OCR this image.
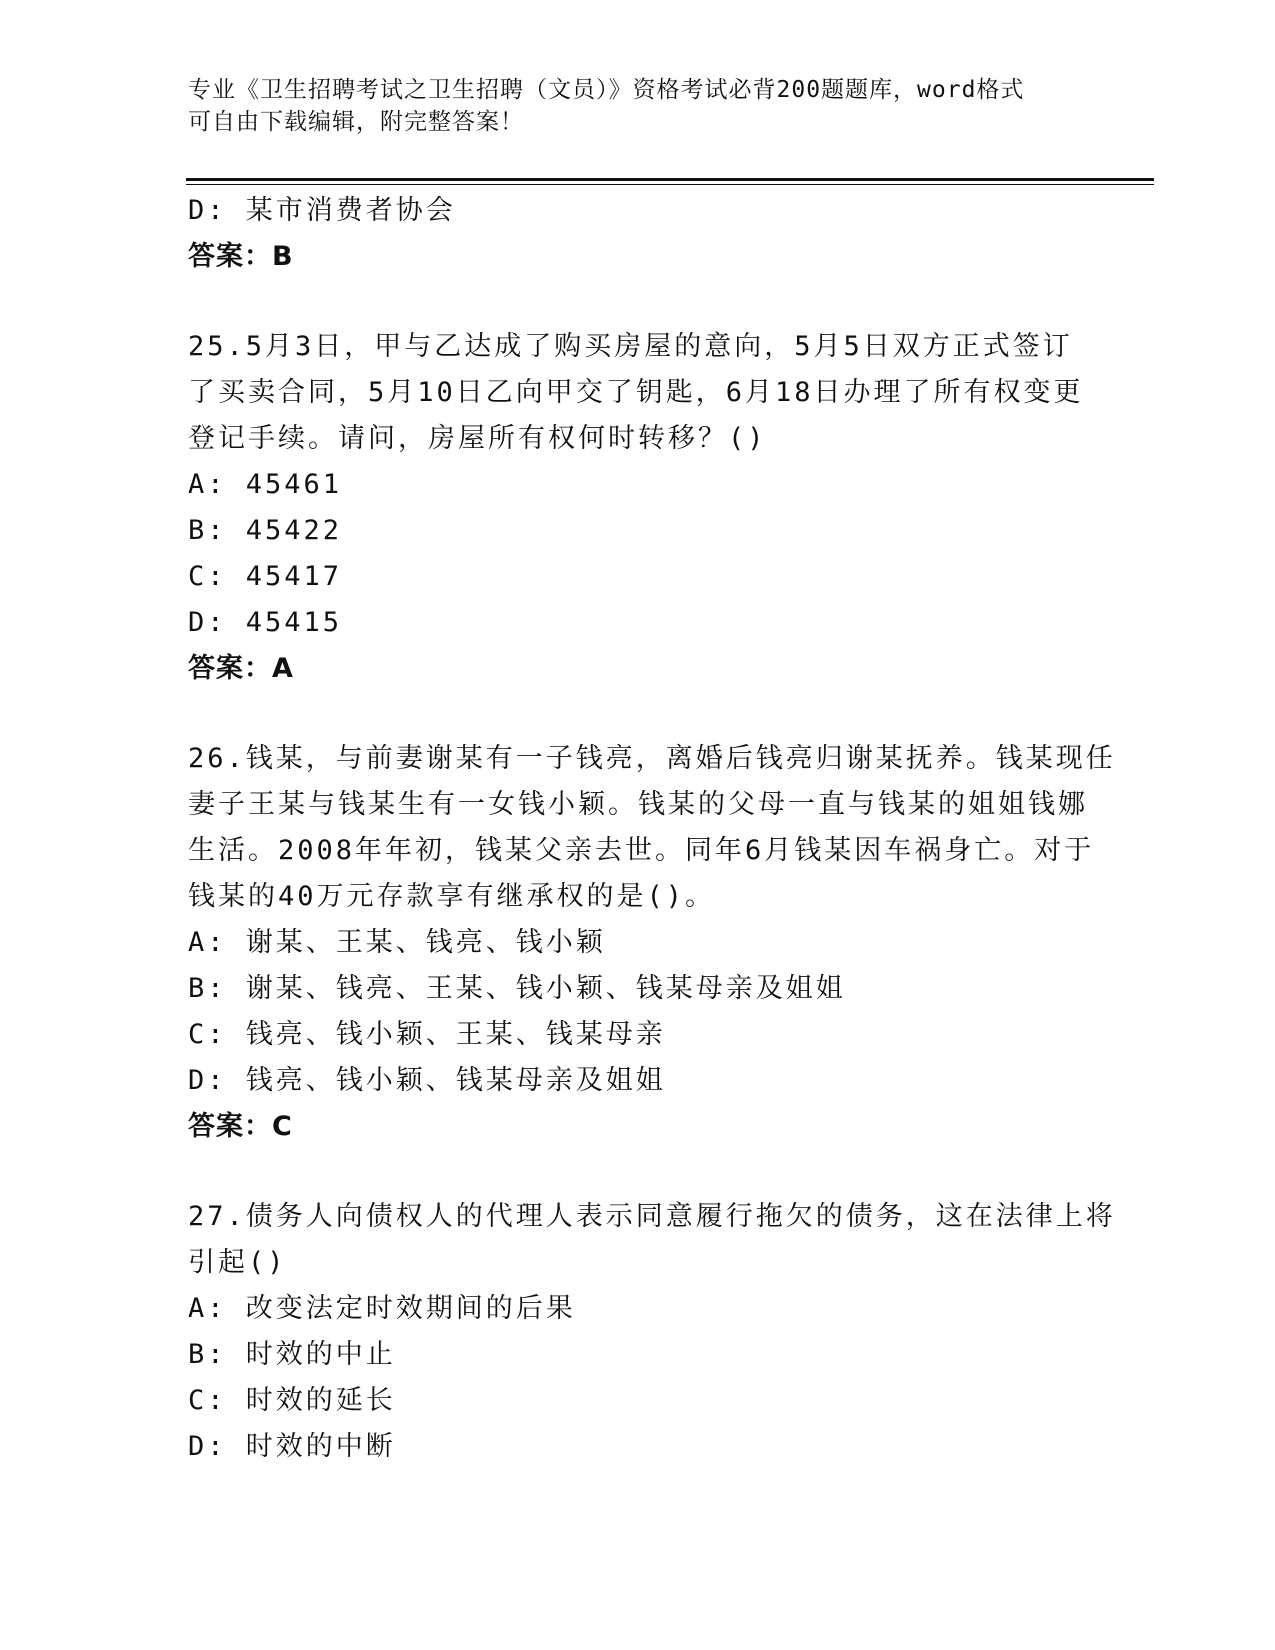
专业《卫生招聘考试之卫生招聘（文员）》资格考试必背200题题库，word格式
可自由下载编辑，附完整答案！
D: 某市消费者协会
答案：B
25.5月3日，甲与乙达成了购买房屋的意向，5月5日双方正式签订
了买卖合同，5月10日乙向甲交了钥匙，6月18日办理了所有权变更
登记手续。请问，房屋所有权何时转移？()
A: 45461
B: 45422
C: 45417
D: 45415
答案：A
26.钱某，与前妻谢某有一子钱亮，离婚后钱亮归谢某抚养。钱某现任
妻子王某与钱某生有一女钱小颖。钱某的父母一直与钱某的姐姐钱娜
生活。2008年年初，钱某父亲去世。同年6月钱某因车祸身亡。对于
钱某的40万元存款享有继承权的是()。
A: 谢某、王某、钱亮、钱小颖
B: 谢某、钱亮、王某、钱小颖、钱某母亲及姐姐
C: 钱亮、钱小颖、王某、钱某母亲
D: 钱亮、钱小颖、钱某母亲及姐姐
答案：C
27.债务人向债权人的代理人表示同意履行拖欠的债务，这在法律上将
引起()
A: 改变法定时效期间的后果
B: 时效的中止
C: 时效的延长
D: 时效的中断
